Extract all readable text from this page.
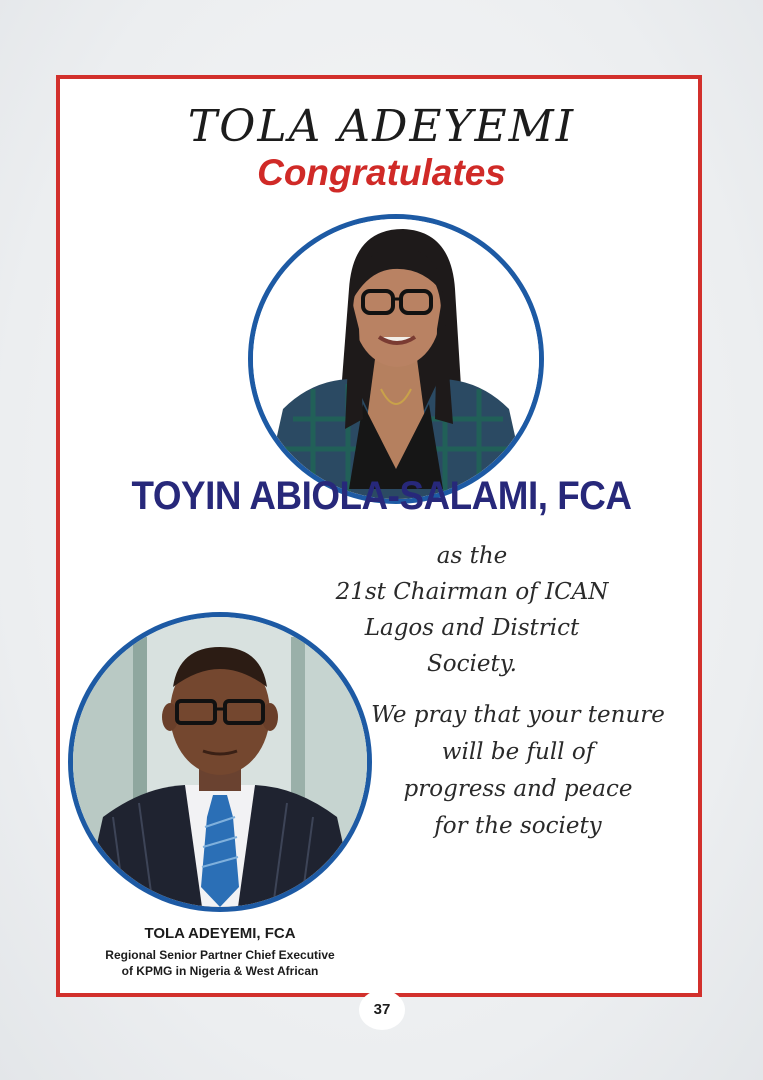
TOLA ADEYEMI
Congratulates
TOYIN ABIOLA-SALAMI, FCA
as the
21st Chairman of ICAN
Lagos and District Society.
We pray that your tenure
will be full of
progress and peace
for the society
TOLA ADEYEMI, FCA
Regional Senior Partner Chief Executive
of KPMG in Nigeria & West African
37
